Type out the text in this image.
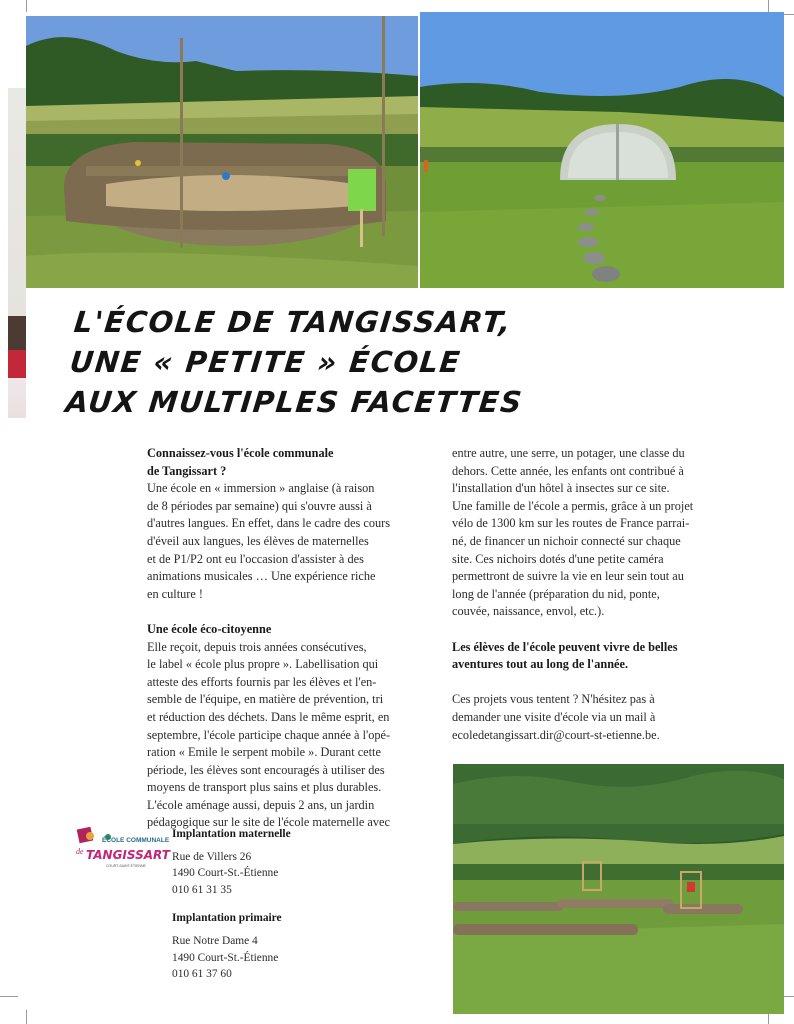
L'ÉCOLE DE TANGISSART,
UNE « PETITE » ÉCOLE
AUX MULTIPLES FACETTES

Connaissez-vous l'école communale

de Tangissart ?

Une école en « immersion » anglaise (à raison

de 8 périodes par semaine) qui s'ouvre aussi à

d'autres langues. En effet, dans le cadre des cours

d'éveil aux langues, les élèves de maternelles

et de P1/P2 ont eu l'occasion d'assister à des

animations musicales … Une expérience riche

en culture !

Une école éco-citoyenne

Elle reçoit, depuis trois années consécutives,

le label « école plus propre ». Labellisation qui

atteste des efforts fournis par les élèves et l'en-

semble de l'équipe, en matière de prévention, tri

et réduction des déchets. Dans le même esprit, en

septembre, l'école participe chaque année à l'opé-

ration « Emile le serpent mobile ». Durant cette

période, les élèves sont encouragés à utiliser des

moyens de transport plus sains et plus durables.

L'école aménage aussi, depuis 2 ans, un jardin

pédagogique sur le site de l'école maternelle avec

entre autre, une serre, un potager, une classe du

dehors. Cette année, les enfants ont contribué à

l'installation d'un hôtel à insectes sur ce site.

Une famille de l'école a permis, grâce à un projet

vélo de 1300 km sur les routes de France parrai-

né, de financer un nichoir connecté sur chaque

site. Ces nichoirs dotés d'une petite caméra

permettront de suivre la vie en leur sein tout au

long de l'année (préparation du nid, ponte,

couvée, naissance, envol, etc.).

Les élèves de l'école peuvent vivre de belles

aventures tout au long de l'année.

Ces projets vous tentent ? N'hésitez pas à

demander une visite d'école via un mail à

ecoledetangissart.dir@court-st-etienne.be.

ÉCOLE COMMUNALE
de TANGISSART
COURT-SAINT-ÉTIENNE
Implantation maternelle
Rue de Villers 26
1490 Court-St.-Étienne
010 61 31 35
Implantation primaire
Rue Notre Dame 4
1490 Court-St.-Étienne
010 61 37 60
